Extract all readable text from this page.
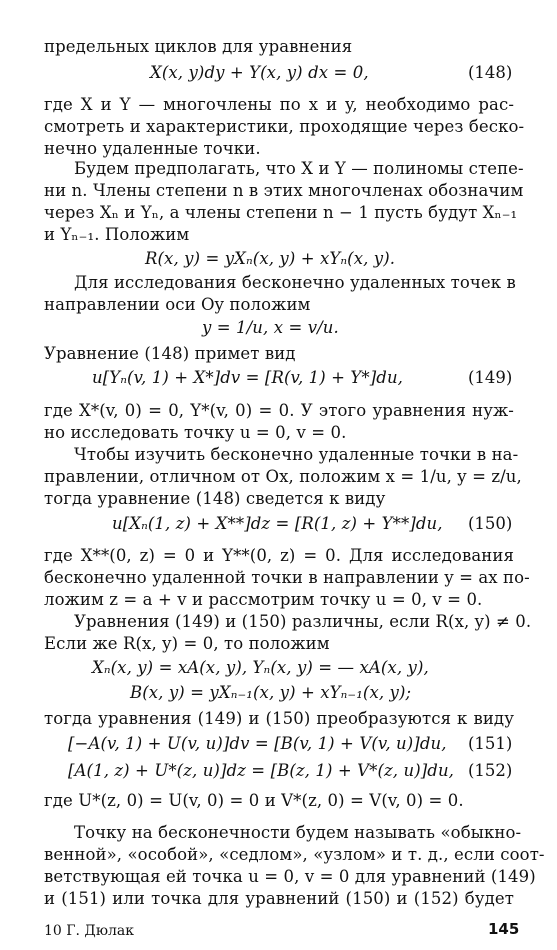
предельных циклов для уравнения
X(x, y)dy + Y(x, y) dx = 0,	(148)
где X и Y — многочлены по x и y, необходимо рас-
смотреть и характеристики, проходящие через беско-
нечно удаленные точки.
Будем предполагать, что X и Y — полиномы степе-
ни n. Члены степени n в этих многочленах обозначим
через Xₙ и Yₙ, а члены степени n − 1 пусть будут Xₙ₋₁
и Yₙ₋₁. Положим
R(x, y) = yXₙ(x, y) + xYₙ(x, y).
Для исследования бесконечно удаленных точек в
направлении оси Oy положим
y = 1/u, x = v/u.
Уравнение (148) примет вид
u[Yₙ(v, 1) + X*]dv = [R(v, 1) + Y*]du,	(149)
где X*(v, 0) = 0, Y*(v, 0) = 0. У этого уравнения нуж-
но исследовать точку u = 0, v = 0.
Чтобы изучить бесконечно удаленные точки в на-
правлении, отличном от Ox, положим x = 1/u, y = z/u,
тогда уравнение (148) сведется к виду
u[Xₙ(1, z) + X**]dz = [R(1, z) + Y**]du, (150)
где X**(0, z) = 0 и Y**(0, z) = 0. Для исследования
бесконечно удаленной точки в направлении y = ax по-
ложим z = a + v и рассмотрим точку u = 0, v = 0.
Уравнения (149) и (150) различны, если R(x, y) ≠ 0.
Если же R(x, y) = 0, то положим
Xₙ(x, y) = xA(x, y), Yₙ(x, y) = — xA(x, y),
B(x, y) = yXₙ₋₁(x, y) + xYₙ₋₁(x, y);
тогда уравнения (149) и (150) преобразуются к виду
[−A(v, 1) + U(v, u)]dv = [B(v, 1) + V(v, u)]du, (151)
[A(1, z) + U*(z, u)]dz = [B(z, 1) + V*(z, u)]du, (152)
где U*(z, 0) = U(v, 0) = 0 и V*(z, 0) = V(v, 0) = 0.
Точку на бесконечности будем называть «обыкно-
венной», «особой», «седлом», «узлом» и т. д., если соот-
ветствующая ей точка u = 0, v = 0 для уравнений (149)
и (151) или точка для уравнений (150) и (152) будет
10 Г. Дюлак	145
